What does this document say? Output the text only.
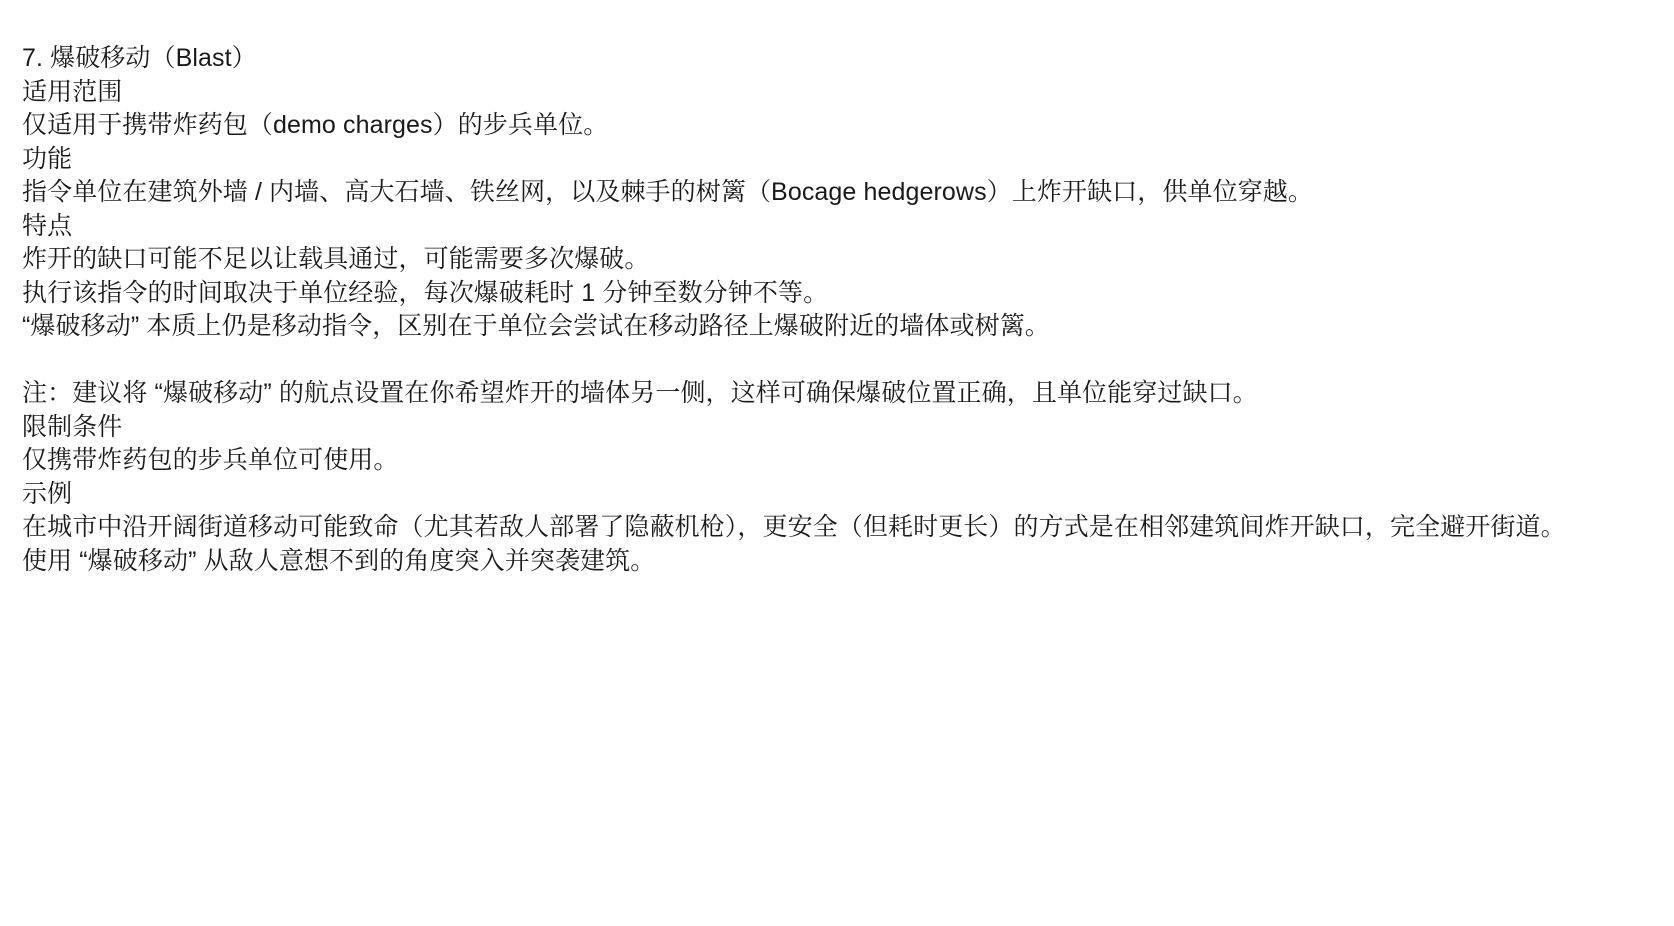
7. 爆破移动（Blast）
适用范围
仅适用于携带炸药包（demo charges）的步兵单位。
功能
指令单位在建筑外墙 / 内墙、高大石墙、铁丝网，以及棘手的树篱（Bocage hedgerows）上炸开缺口，供单位穿越。
特点
炸开的缺口可能不足以让载具通过，可能需要多次爆破。
执行该指令的时间取决于单位经验，每次爆破耗时 1 分钟至数分钟不等。
“爆破移动” 本质上仍是移动指令，区别在于单位会尝试在移动路径上爆破附近的墙体或树篱。
注：建议将 “爆破移动” 的航点设置在你希望炸开的墙体另一侧，这样可确保爆破位置正确，且单位能穿过缺口。
限制条件
仅携带炸药包的步兵单位可使用。
示例
在城市中沿开阔街道移动可能致命（尤其若敌人部署了隐蔽机枪），更安全（但耗时更长）的方式是在相邻建筑间炸开缺口，完全避开街道。
使用 “爆破移动” 从敌人意想不到的角度突入并突袭建筑。
